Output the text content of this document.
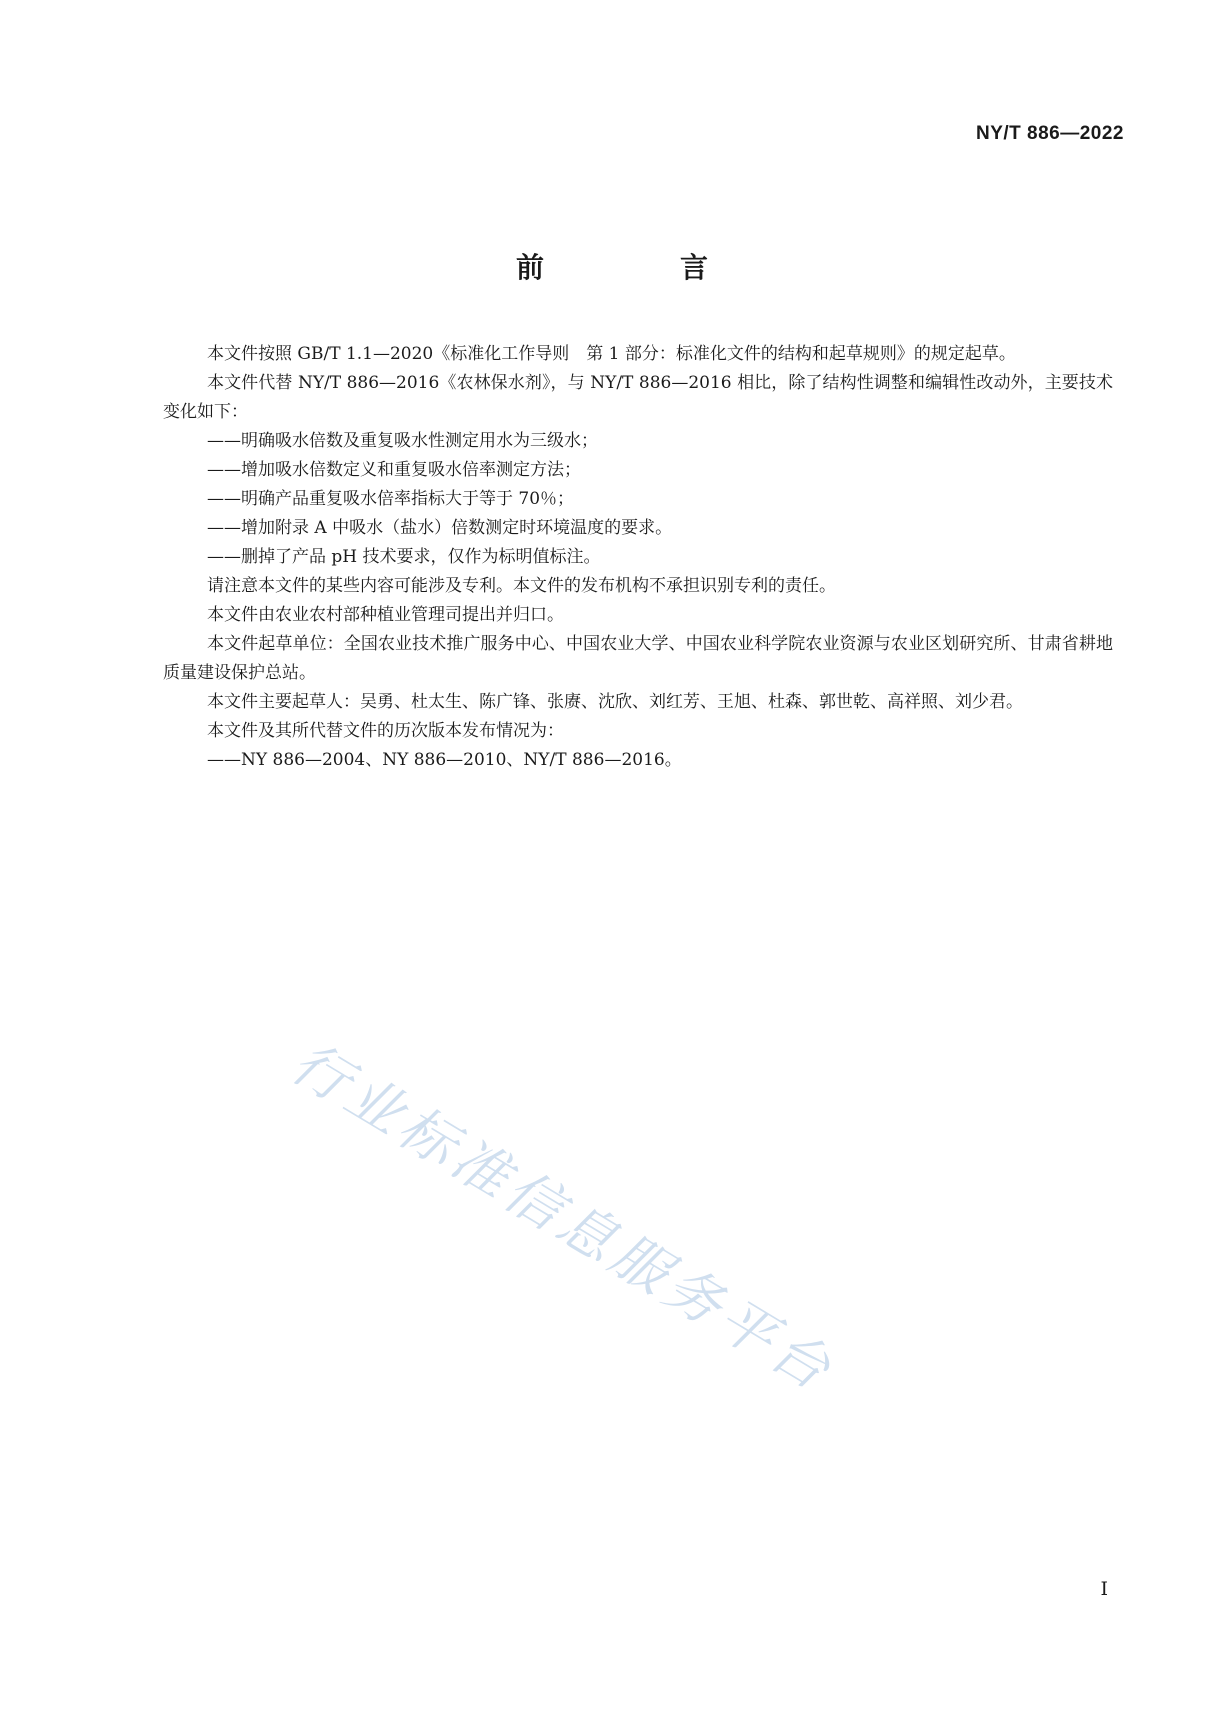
NY/T 886—2022
前　言

本文件按照 GB/T 1.1—2020《标准化工作导则　第 1 部分：标准化文件的结构和起草规则》的规定起草。

本文件代替 NY/T 886—2016《农林保水剂》，与 NY/T 886—2016 相比，除了结构性调整和编辑性改动外，主要技术变化如下：

——明确吸水倍数及重复吸水性测定用水为三级水；

——增加吸水倍数定义和重复吸水倍率测定方法；

——明确产品重复吸水倍率指标大于等于 70％；

——增加附录 A 中吸水（盐水）倍数测定时环境温度的要求。

——删掉了产品 pH 技术要求，仅作为标明值标注。

请注意本文件的某些内容可能涉及专利。本文件的发布机构不承担识别专利的责任。

本文件由农业农村部种植业管理司提出并归口。

本文件起草单位：全国农业技术推广服务中心、中国农业大学、中国农业科学院农业资源与农业区划研究所、甘肃省耕地质量建设保护总站。

本文件主要起草人：吴勇、杜太生、陈广锋、张赓、沈欣、刘红芳、王旭、杜森、郭世乾、高祥照、刘少君。

本文件及其所代替文件的历次版本发布情况为：

——NY 886—2004、NY 886—2010、NY/T 886—2016。

行业标准信息服务平台
I
